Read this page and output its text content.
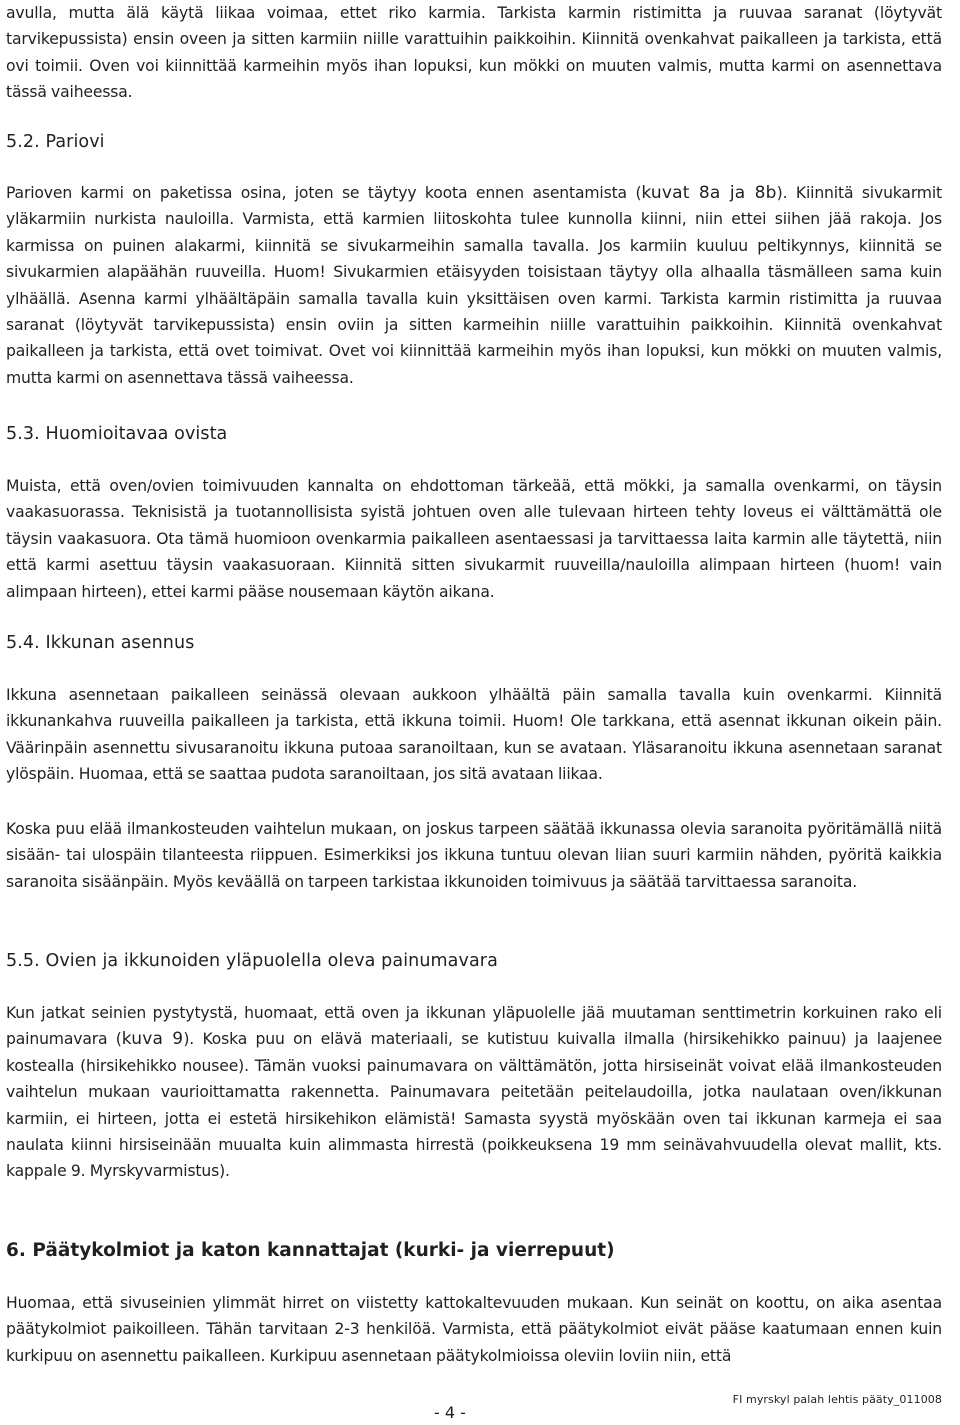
avulla, mutta älä käytä liikaa voimaa, ettet riko karmia. Tarkista karmin ristimitta ja ruuvaa saranat (löytyvät tarvikepussista) ensin oveen ja sitten karmiin niille varattuihin paikkoihin. Kiinnitä ovenkahvat paikalleen ja tarkista, että ovi toimii. Oven voi kiinnittää karmeihin myös ihan lopuksi, kun mökki on muuten valmis, mutta karmi on asennettava tässä vaiheessa.

5.2. Pariovi

Parioven karmi on paketissa osina, joten se täytyy koota ennen asentamista (kuvat 8a ja 8b). Kiinnitä sivukarmit yläkarmiin nurkista nauloilla. Varmista, että karmien liitoskohta tulee kunnolla kiinni, niin ettei siihen jää rakoja. Jos karmissa on puinen alakarmi, kiinnitä se sivukarmeihin samalla tavalla. Jos karmiin kuuluu peltikynnys, kiinnitä se sivukarmien alapäähän ruuveilla. Huom! Sivukarmien etäisyyden toisistaan täytyy olla alhaalla täsmälleen sama kuin ylhäällä. Asenna karmi ylhäältäpäin samalla tavalla kuin yksittäisen oven karmi. Tarkista karmin ristimitta ja ruuvaa saranat (löytyvät tarvikepussista) ensin oviin ja sitten karmeihin niille varattuihin paikkoihin. Kiinnitä ovenkahvat paikalleen ja tarkista, että ovet toimivat. Ovet voi kiinnittää karmeihin myös ihan lopuksi, kun mökki on muuten valmis, mutta karmi on asennettava tässä vaiheessa.

5.3. Huomioitavaa ovista

Muista, että oven/ovien toimivuuden kannalta on ehdottoman tärkeää, että mökki, ja samalla ovenkarmi, on täysin vaakasuorassa. Teknisistä ja tuotannollisista syistä johtuen oven alle tulevaan hirteen tehty loveus ei välttämättä ole täysin vaakasuora. Ota tämä huomioon ovenkarmia paikalleen asentaessasi ja tarvittaessa laita karmin alle täytettä, niin että karmi asettuu täysin vaakasuoraan. Kiinnitä sitten sivukarmit ruuveilla/nauloilla alimpaan hirteen (huom! vain alimpaan hirteen), ettei karmi pääse nousemaan käytön aikana.

5.4. Ikkunan asennus

Ikkuna asennetaan paikalleen seinässä olevaan aukkoon ylhäältä päin samalla tavalla kuin ovenkarmi. Kiinnitä ikkunankahva ruuveilla paikalleen ja tarkista, että ikkuna toimii. Huom! Ole tarkkana, että asennat ikkunan oikein päin. Väärinpäin asennettu sivusaranoitu ikkuna putoaa saranoiltaan, kun se avataan. Yläsaranoitu ikkuna asennetaan saranat ylöspäin. Huomaa, että se saattaa pudota saranoiltaan, jos sitä avataan liikaa.

Koska puu elää ilmankosteuden vaihtelun mukaan, on joskus tarpeen säätää ikkunassa olevia saranoita pyöritämällä niitä sisään- tai ulospäin tilanteesta riippuen. Esimerkiksi jos ikkuna tuntuu olevan liian suuri karmiin nähden, pyöritä kaikkia saranoita sisäänpäin. Myös keväällä on tarpeen tarkistaa ikkunoiden toimivuus ja säätää tarvittaessa saranoita.

5.5. Ovien ja ikkunoiden yläpuolella oleva painumavara

Kun jatkat seinien pystytystä, huomaat, että oven ja ikkunan yläpuolelle jää muutaman senttimetrin korkuinen rako eli painumavara (kuva 9). Koska puu on elävä materiaali, se kutistuu kuivalla ilmalla (hirsikehikko painuu) ja laajenee kostealla (hirsikehikko nousee). Tämän vuoksi painumavara on välttämätön, jotta hirsiseinät voivat elää ilmankosteuden vaihtelun mukaan vaurioittamatta rakennetta. Painumavara peitetään peitelaudoilla, jotka naulataan oven/ikkunan karmiin, ei hirteen, jotta ei estetä hirsikehikon elämistä! Samasta syystä myöskään oven tai ikkunan karmeja ei saa naulata kiinni hirsiseinään muualta kuin alimmasta hirrestä (poikkeuksena 19 mm seinävahvuudella olevat mallit, kts. kappale 9. Myrskyvarmistus).

6. Päätykolmiot ja katon kannattajat (kurki- ja vierrepuut)

Huomaa, että sivuseinien ylimmät hirret on viistetty kattokaltevuuden mukaan. Kun seinät on koottu, on aika asentaa päätykolmiot paikoilleen. Tähän tarvitaan 2-3 henkilöä. Varmista, että päätykolmiot eivät pääse kaatumaan ennen kuin kurkipuu on asennettu paikalleen. Kurkipuu asennetaan päätykolmioissa oleviin loviin niin, että

- 4 -
FI myrskyl palah lehtis pääty_011008
